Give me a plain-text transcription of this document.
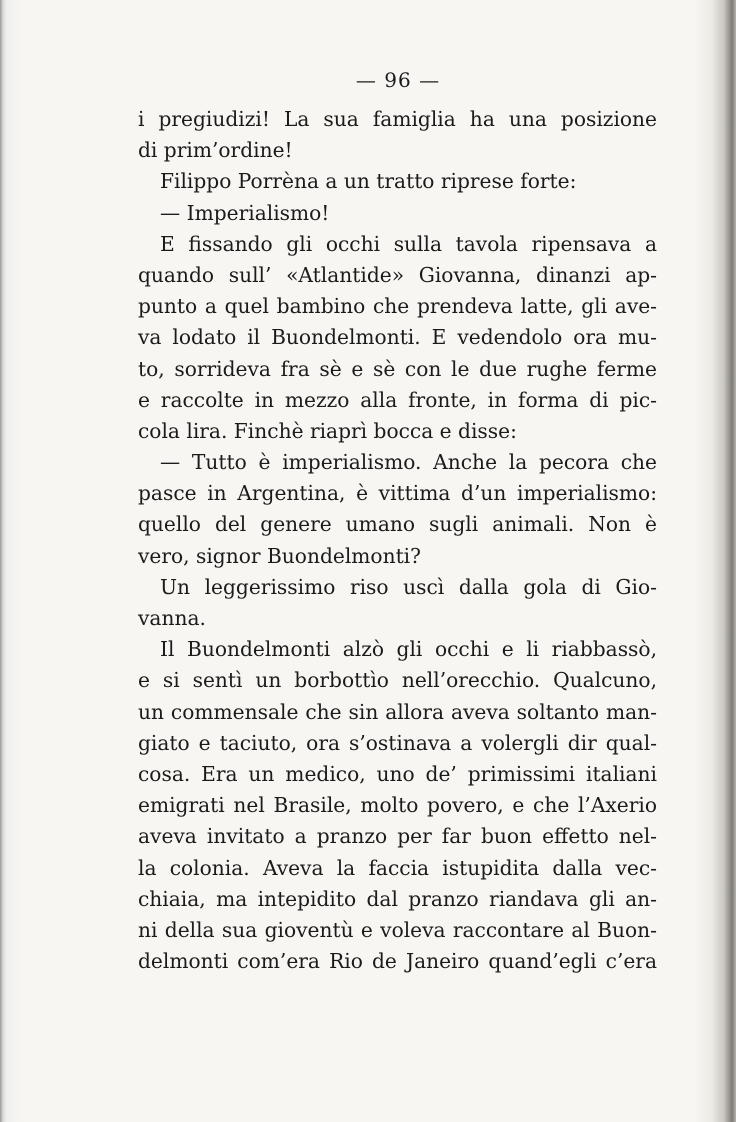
— 96 —
i pregiudizi! La sua famiglia ha una posizione
di prim’ordine!
Filippo Porrèna a un tratto riprese forte:
— Imperialismo!
E fissando gli occhi sulla tavola ripensava a
quando sull’ «Atlantide» Giovanna, dinanzi ap-
punto a quel bambino che prendeva latte, gli ave-
va lodato il Buondelmonti. E vedendolo ora mu-
to, sorrideva fra sè e sè con le due rughe ferme
e raccolte in mezzo alla fronte, in forma di pic-
cola lira. Finchè riaprì bocca e disse:
— Tutto è imperialismo. Anche la pecora che
pasce in Argentina, è vittima d’un imperialismo:
quello del genere umano sugli animali. Non è
vero, signor Buondelmonti?
Un leggerissimo riso uscì dalla gola di Gio-
vanna.
Il Buondelmonti alzò gli occhi e li riabbassò,
e si sentì un borbottìo nell’orecchio. Qualcuno,
un commensale che sin allora aveva soltanto man-
giato e taciuto, ora s’ostinava a volergli dir qual-
cosa. Era un medico, uno de’ primissimi italiani
emigrati nel Brasile, molto povero, e che l’Axerio
aveva invitato a pranzo per far buon effetto nel-
la colonia. Aveva la faccia istupidita dalla vec-
chiaia, ma intepidito dal pranzo riandava gli an-
ni della sua gioventù e voleva raccontare al Buon-
delmonti com’era Rio de Janeiro quand’egli c’era
